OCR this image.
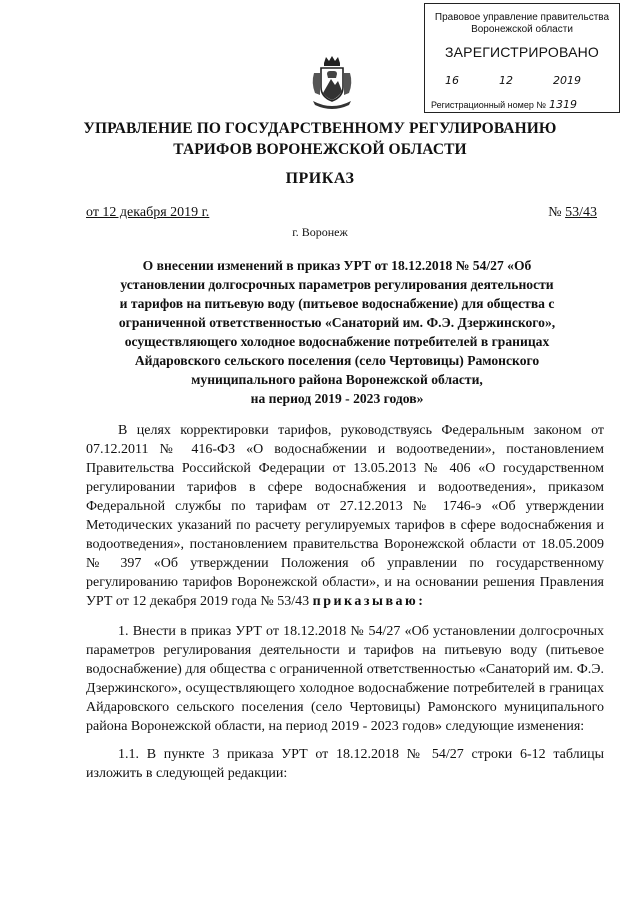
Правовое управление правительства
Воронежской области
ЗАРЕГИСТРИРОВАНО
16	12	2019
Регистрационный номер № 1319
УПРАВЛЕНИЕ ПО ГОСУДАРСТВЕННОМУ РЕГУЛИРОВАНИЮ
ТАРИФОВ ВОРОНЕЖСКОЙ ОБЛАСТИ
ПРИКАЗ
от 12 декабря 2019 г.	№ 53/43
г. Воронеж
О внесении изменений в приказ УРТ от 18.12.2018 № 54/27 «Об
установлении долгосрочных параметров регулирования деятельности
и тарифов на питьевую воду (питьевое водоснабжение) для общества с
ограниченной ответственностью «Санаторий им. Ф.Э. Дзержинского»,
осуществляющего холодное водоснабжение потребителей в границах
Айдаровского сельского поселения (село Чертовицы) Рамонского
муниципального района Воронежской области,
на период 2019 - 2023 годов»

В целях корректировки тарифов, руководствуясь Федеральным законом от 07.12.2011 № 416-ФЗ «О водоснабжении и водоотведении», постановлением Правительства Российской Федерации от 13.05.2013 № 406 «О государственном регулировании тарифов в сфере водоснабжения и водоотведения», приказом Федеральной службы по тарифам от 27.12.2013 № 1746-э «Об утверждении Методических указаний по расчету регулируемых тарифов в сфере водоснабжения и водоотведения», постановлением правительства Воронежской области от 18.05.2009 № 397 «Об утверждении Положения об управлении по государственному регулированию тарифов Воронежской области», и на основании решения Правления УРТ от 12 декабря 2019 года № 53/43 приказываю:

1. Внести в приказ УРТ от 18.12.2018 № 54/27 «Об установлении долгосрочных параметров регулирования деятельности и тарифов на питьевую воду (питьевое водоснабжение) для общества с ограниченной ответственностью «Санаторий им. Ф.Э. Дзержинского», осуществляющего холодное водоснабжение потребителей в границах Айдаровского сельского поселения (село Чертовицы) Рамонского муниципального района Воронежской области, на период 2019 - 2023 годов» следующие изменения:

1.1. В пункте 3 приказа УРТ от 18.12.2018 № 54/27 строки 6-12 таблицы изложить в следующей редакции:
